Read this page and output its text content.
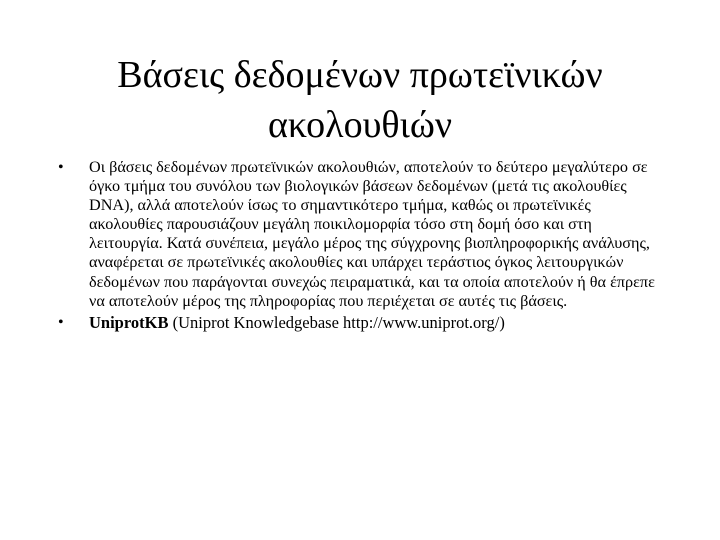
Βάσεις δεδομένων πρωτεϊνικών
ακολουθιών
• Οι βάσεις δεδομένων πρωτεϊνικών ακολουθιών, αποτελούν το δεύτερο μεγαλύτερο σε όγκο τμήμα του συνόλου των βιολογικών βάσεων δεδομένων (μετά τις ακολουθίες DNA), αλλά αποτελούν ίσως το σημαντικότερο τμήμα, καθώς οι πρωτεϊνικές ακολουθίες παρουσιάζουν μεγάλη ποικιλομορφία τόσο στη δομή όσο και στη λειτουργία. Κατά συνέπεια, μεγάλο μέρος της σύγχρονης βιοπληροφορικής ανάλυσης, αναφέρεται σε πρωτεϊνικές ακολουθίες και υπάρχει τεράστιος όγκος λειτουργικών δεδομένων που παράγονται συνεχώς πειραματικά, και τα οποία αποτελούν ή θα έπρεπε να αποτελούν μέρος της πληροφορίας που περιέχεται σε αυτές τις βάσεις.
• UniprotKB (Uniprot Knowledgebase http://www.uniprot.org/)
